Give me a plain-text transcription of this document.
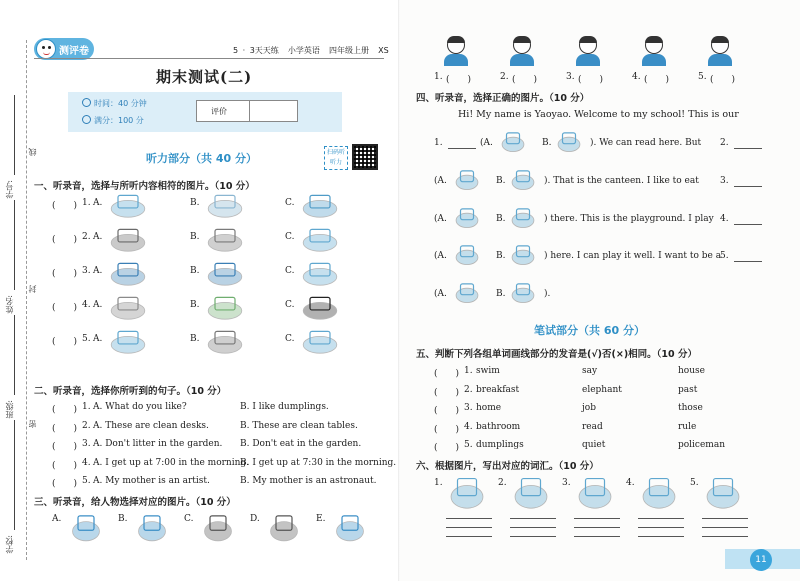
学号:
姓名:
班级:
学校:
线
封
密
测评卷	5 · 3天天练 小学英语 四年级上册 XS
期末测试(二)
时间：40 分钟
满分：100 分
评价
听力部分（共 40 分）	扫码听听力
一、听录音，选择与所听内容相符的图片。（10 分）
(　　) 1. A.	B.	C.
(　　) 2. A.	B.	C.
(　　) 3. A.	B.	C.
(　　) 4. A.	B.	C.
(　　) 5. A.	B.	C.
二、听录音，选择你所听到的句子。（10 分）
(　　) 1. A. What do you like?	B. I like dumplings.
(　　) 2. A. These are clean desks.	B. These are clean tables.
(　　) 3. A. Don't litter in the garden. B. Don't eat in the garden.
(　　) 4. A. I get up at 7:00 in the morning.
B. I get up at 7:30 in the morning.
(　　) 5. A. My mother is an artist.	B. My mother is an astronaut.
三、听录音，给人物选择对应的图片。（10 分）
A.	B.	C.	D.	E.
1. (　　)	2. (　　)	3. (　　)	4. (　　)	5. (　　)
四、听录音，选择正确的图片。（10 分）
Hi! My name is Yaoyao. Welcome to my school! This is our
1.	(A.	B.	). We can read here. But 2.
(A.	B.	). That is the canteen. I like to eat 3.
(A.	B.	) there. This is the playground. I play 4.
(A.	B.	) here. I can play it well. I want to be a
5.
(A.	B.	).
笔试部分（共 60 分）
五、判断下列各组单词画线部分的发音是(√)否(×)相同。（10 分）
(　　) 1. swim	say	house
(　　) 2. breakfast	elephant	past
(　　) 3. home	job	those
(　　) 4. bathroom	read	rule
(　　) 5. dumplings	quiet	policeman
六、根据图片，写出对应的词汇。（10 分）
1.	2.	3.	4.	5.
11
